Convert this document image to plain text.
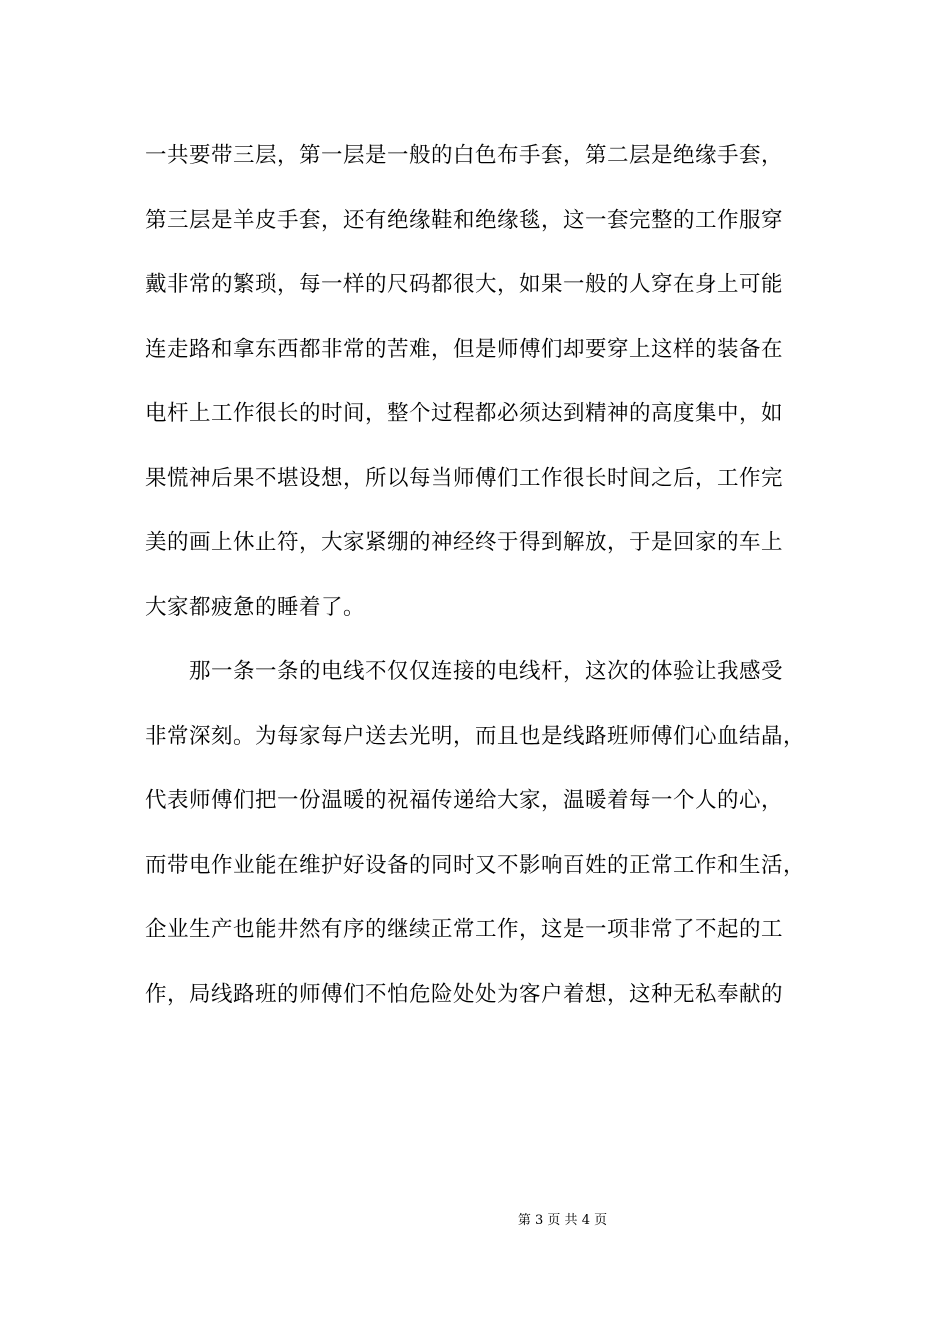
一共要带三层，第一层是一般的白色布手套，第二层是绝缘手套，
第三层是羊皮手套，还有绝缘鞋和绝缘毯，这一套完整的工作服穿
戴非常的繁琐，每一样的尺码都很大，如果一般的人穿在身上可能
连走路和拿东西都非常的苦难，但是师傅们却要穿上这样的装备在
电杆上工作很长的时间，整个过程都必须达到精神的高度集中，如
果慌神后果不堪设想，所以每当师傅们工作很长时间之后，工作完
美的画上休止符，大家紧绷的神经终于得到解放，于是回家的车上
大家都疲惫的睡着了。
　　那一条一条的电线不仅仅连接的电线杆，这次的体验让我感受
非常深刻。为每家每户送去光明，而且也是线路班师傅们心血结晶，
代表师傅们把一份温暖的祝福传递给大家，温暖着每一个人的心，
而带电作业能在维护好设备的同时又不影响百姓的正常工作和生活，
企业生产也能井然有序的继续正常工作，这是一项非常了不起的工
作，局线路班的师傅们不怕危险处处为客户着想，这种无私奉献的
第 3 页 共 4 页
